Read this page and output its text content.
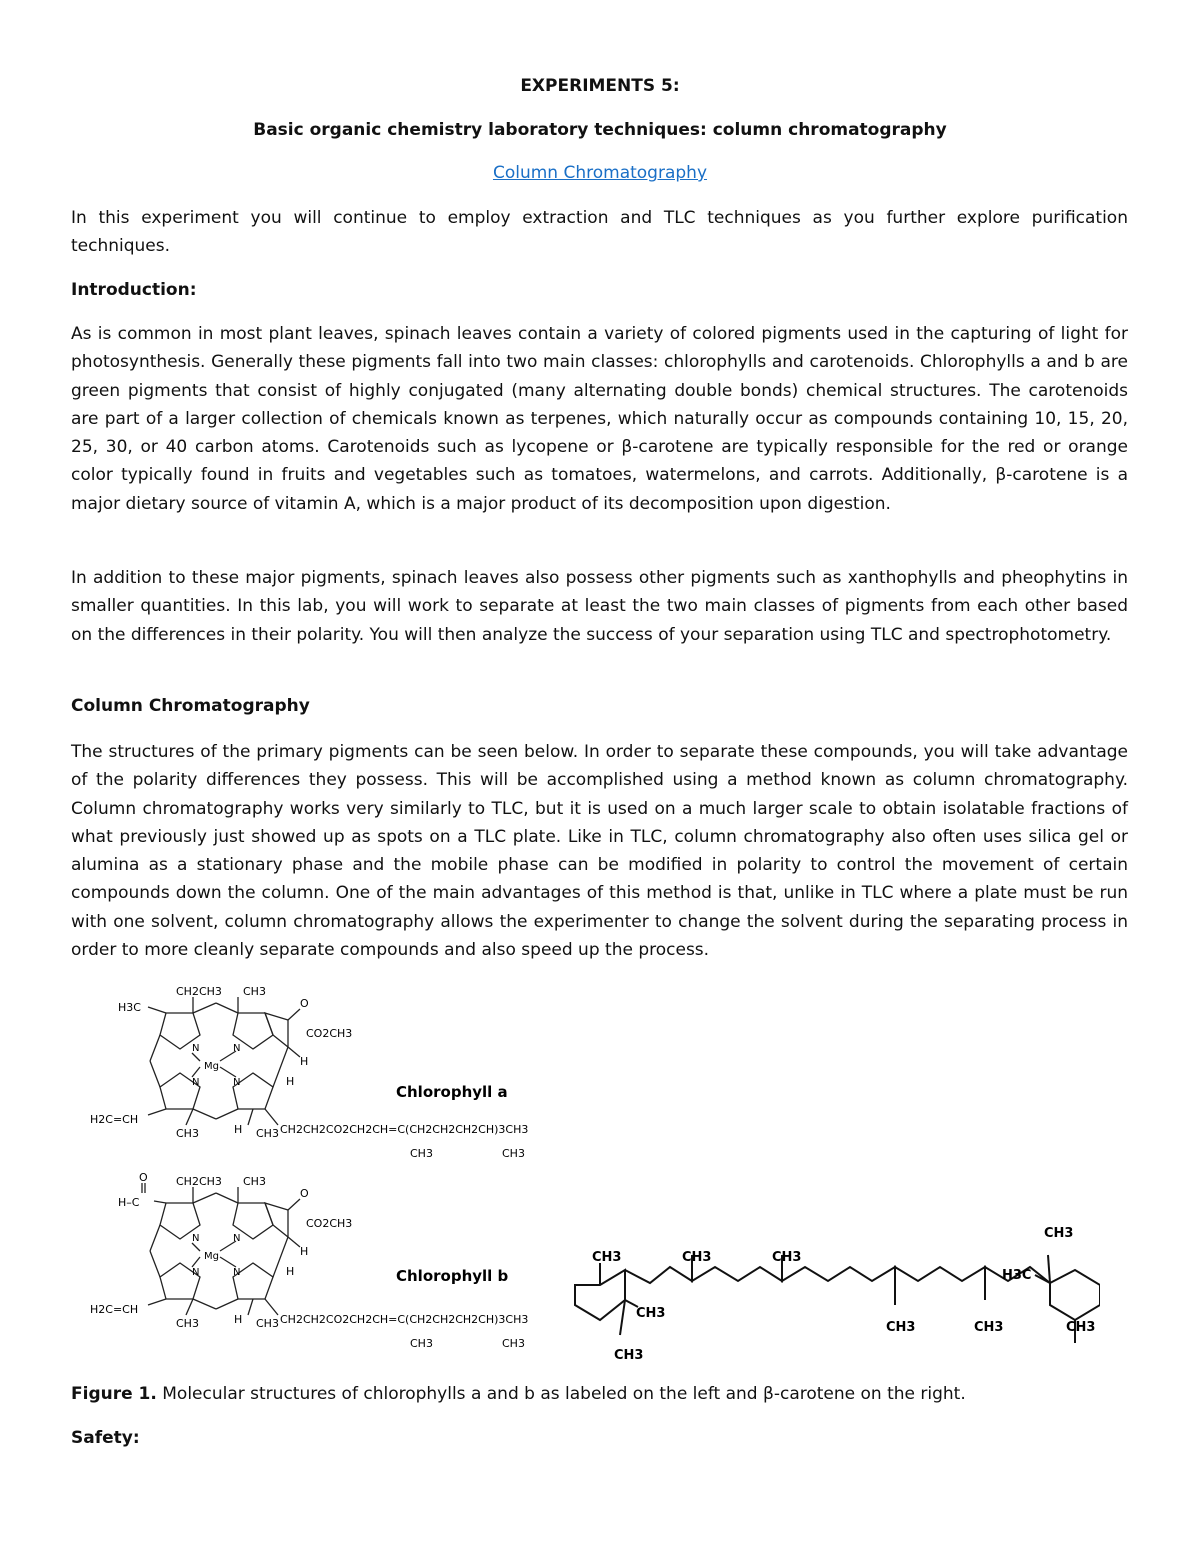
EXPERIMENTS 5:
Basic organic chemistry laboratory techniques: column chromatography
Column Chromatography
In this experiment you will continue to employ extraction and TLC techniques as you further explore purification techniques.
Introduction:
As is common in most plant leaves, spinach leaves contain a variety of colored pigments used in the capturing of light for photosynthesis. Generally these pigments fall into two main classes: chlorophylls and carotenoids. Chlorophylls a and b are green pigments that consist of highly conjugated (many alternating double bonds) chemical structures. The carotenoids are part of a larger collection of chemicals known as terpenes, which naturally occur as compounds containing 10, 15, 20, 25, 30, or 40 carbon atoms. Carotenoids such as lycopene or β-carotene are typically responsible for the red or orange color typically found in fruits and vegetables such as tomatoes, watermelons, and carrots. Additionally, β-carotene is a major dietary source of vitamin A, which is a major product of its decomposition upon digestion.
In addition to these major pigments, spinach leaves also possess other pigments such as xanthophylls and pheophytins in smaller quantities. In this lab, you will work to separate at least the two main classes of pigments from each other based on the differences in their polarity. You will then analyze the success of your separation using TLC and spectrophotometry.
Column Chromatography
The structures of the primary pigments can be seen below. In order to separate these compounds, you will take advantage of the polarity differences they possess. This will be accomplished using a method known as column chromatography. Column chromatography works very similarly to TLC, but it is used on a much larger scale to obtain isolatable fractions of what previously just showed up as spots on a TLC plate. Like in TLC, column chromatography also often uses silica gel or alumina as a stationary phase and the mobile phase can be modified in polarity to control the movement of certain compounds down the column. One of the main advantages of this method is that, unlike in TLC where a plate must be run with one solvent, column chromatography allows the experimenter to change the solvent during the separating process in order to more cleanly separate compounds and also speed up the process.
CH2CH3 CH3
H3C	O
CO2CH3
H
H
N	N
N	N
Mg
H2C=CH
CH3	H CH3 CH2CH2CO2CH2CH=C(CH2CH2CH2CH)3CH3
CH3	CH3
Chlorophyll a
CH2CH3 CH3
O
H–C
O
CO2CH3
H
H
N	N
N	N
Mg
H2C=CH
CH3	H CH3 CH2CH2CO2CH2CH=C(CH2CH2CH2CH)3CH3
CH3	CH3
Chlorophyll b
CH3	CH3	CH3
CH3
CH3
CH3	CH3	CH3
CH3
H3C
Figure 1. Molecular structures of chlorophylls a and b as labeled on the left and β-carotene on the right.
Safety:
